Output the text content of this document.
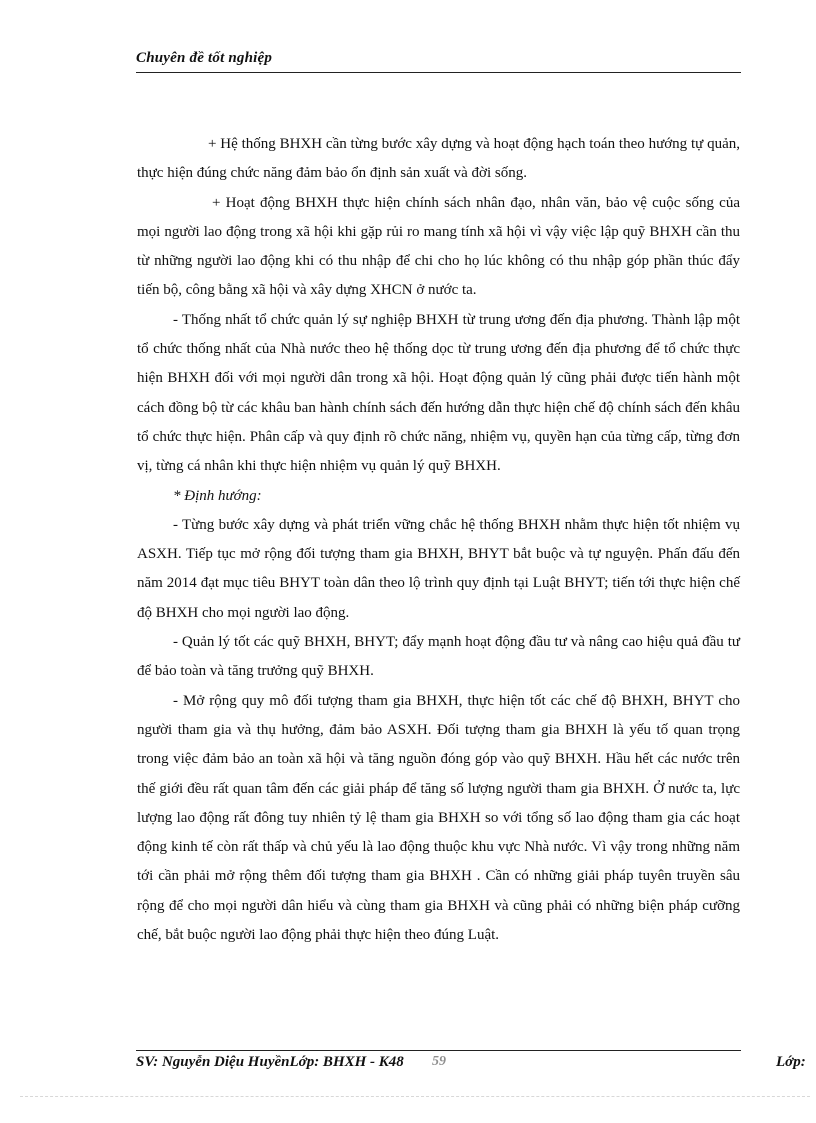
Chuyên đề tốt nghiệp

+ Hệ thống BHXH cần từng bước xây dựng và hoạt động hạch toán theo hướng tự quản, thực hiện đúng chức năng đảm bảo ổn định sản xuất và đời sống.

+ Hoạt động BHXH thực hiện chính sách nhân đạo, nhân văn, bảo vệ cuộc sống của mọi người lao động trong xã hội khi gặp rủi ro mang tính xã hội vì vậy việc lập quỹ BHXH cần thu từ những người lao động khi có thu nhập để chi cho họ lúc không có thu nhập góp phần thúc đẩy tiến bộ, công bằng xã hội và xây dựng XHCN ở nước ta.

- Thống nhất tổ chức quản lý sự nghiệp BHXH từ trung ương đến địa phương. Thành lập một tổ chức thống nhất của Nhà nước theo hệ thống dọc từ trung ương đến địa phương để tổ chức thực hiện BHXH đối với mọi người dân trong xã hội. Hoạt động quản lý cũng phải được tiến hành một cách đồng bộ từ các khâu ban hành chính sách đến hướng dẫn thực hiện chế độ chính sách đến khâu tổ chức thực hiện. Phân cấp và quy định rõ chức năng, nhiệm vụ, quyền hạn của từng cấp, từng đơn vị, từng cá nhân khi thực hiện nhiệm vụ quản lý quỹ BHXH.

* Định hướng:

- Từng bước xây dựng và phát triển vững chắc hệ thống BHXH nhằm thực hiện tốt nhiệm vụ ASXH. Tiếp tục mở rộng đối tượng tham gia BHXH, BHYT bắt buộc và tự nguyện. Phấn đấu đến năm 2014 đạt mục tiêu BHYT toàn dân theo lộ trình quy định tại Luật BHYT; tiến tới thực hiện chế độ BHXH cho mọi người lao động.

- Quản lý tốt các quỹ BHXH, BHYT; đẩy mạnh hoạt động đầu tư và nâng cao hiệu quả đầu tư để bảo toàn và tăng trưởng quỹ BHXH.

- Mở rộng quy mô đối tượng tham gia BHXH, thực hiện tốt các chế độ BHXH, BHYT cho người tham gia và thụ hưởng, đảm bảo ASXH. Đối tượng tham gia BHXH là yếu tố quan trọng trong việc đảm bảo an toàn xã hội và tăng nguồn đóng góp vào quỹ BHXH. Hầu hết các nước trên thế giới đều rất quan tâm đến các giải pháp để tăng số lượng người tham gia BHXH. Ở nước ta, lực lượng lao động rất đông tuy nhiên tỷ lệ tham gia BHXH so với tổng số lao động tham gia các hoạt động kinh tế còn rất thấp và chủ yếu là lao động thuộc khu vực Nhà nước. Vì vậy trong những năm tới cần phải mở rộng thêm đối tượng tham gia BHXH . Cần có những giải pháp tuyên truyền sâu rộng để cho mọi người dân hiểu và cùng tham gia BHXH và cũng phải có những biện pháp cưỡng chế, bắt buộc người lao động phải thực hiện theo đúng Luật.

SV: Nguyễn Diệu HuyềnLớp: BHXH - K48 59	Lớp:
